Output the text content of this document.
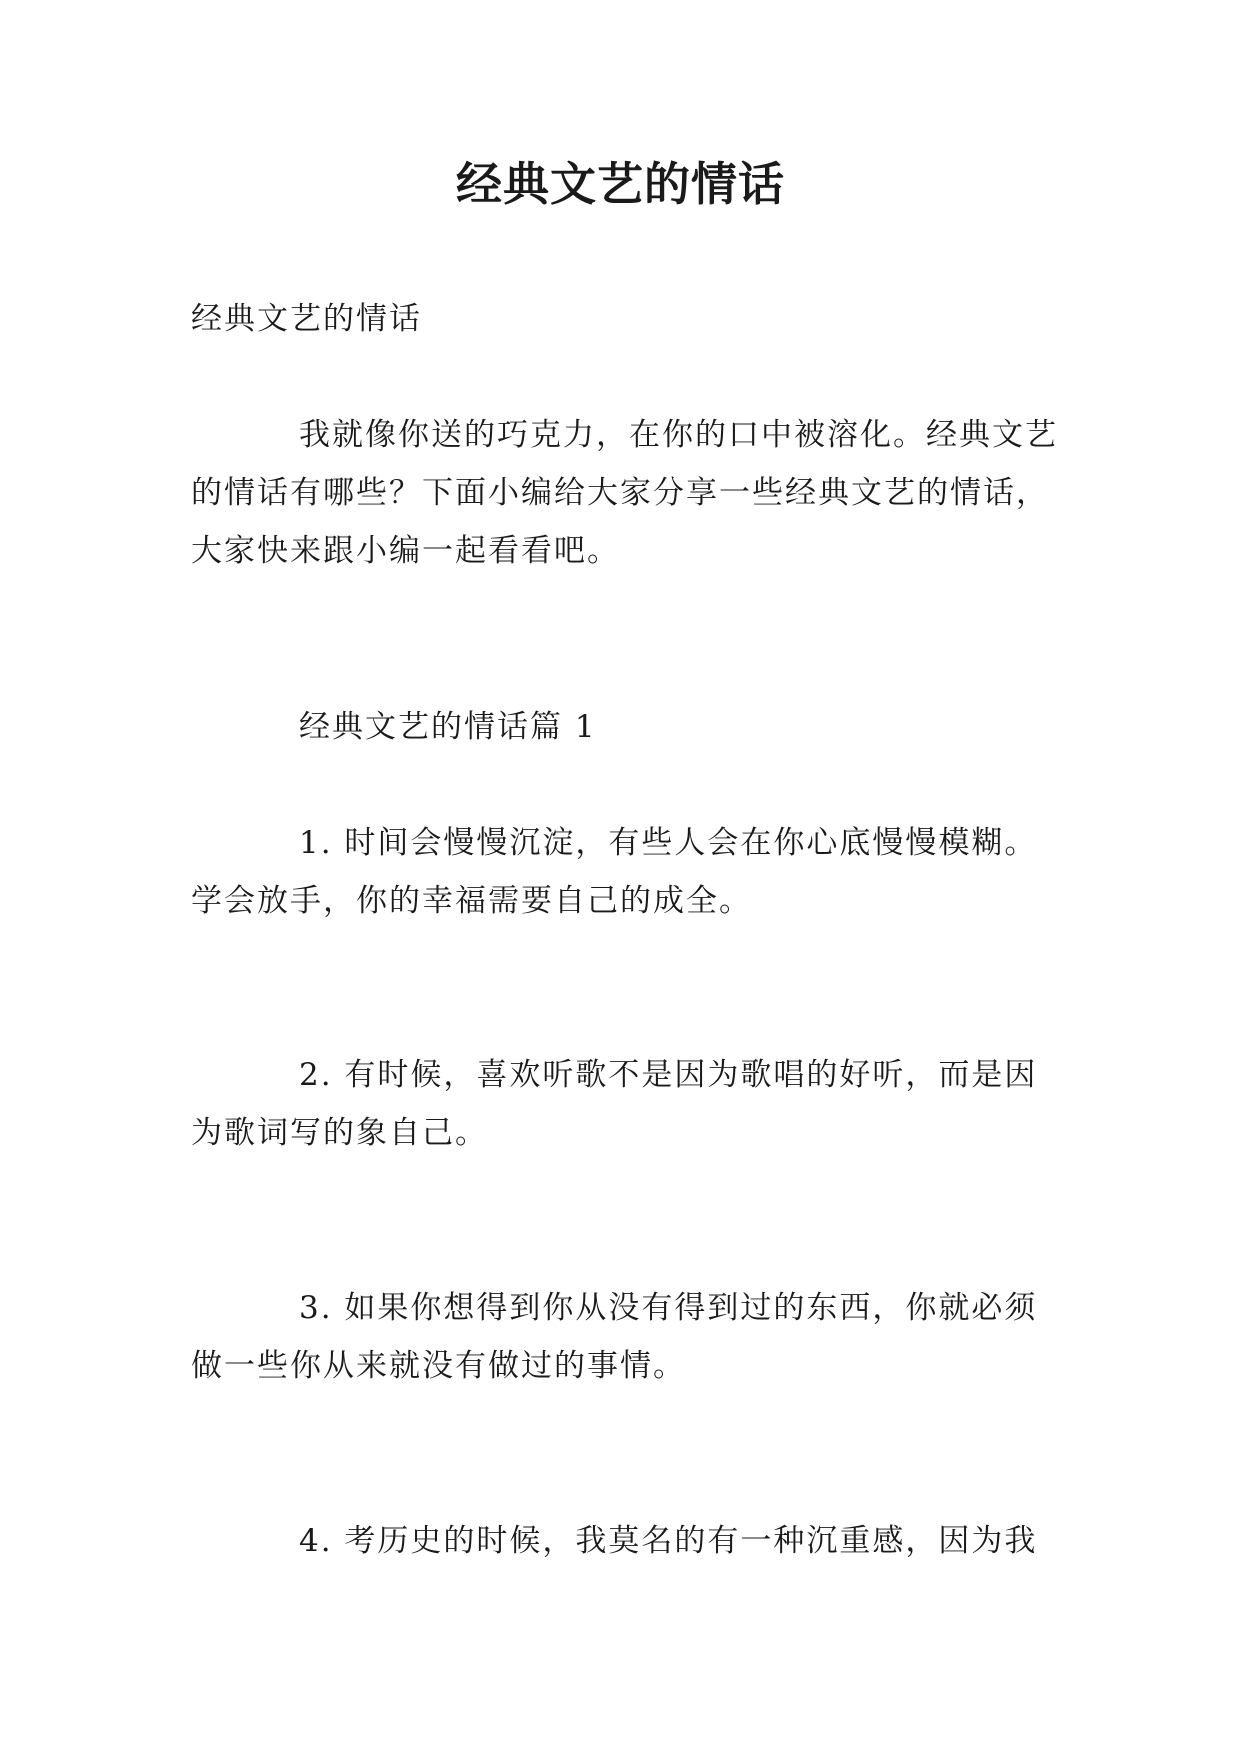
经典文艺的情话

经典文艺的情话

我就像你送的巧克力，在你的口中被溶化。经典文艺的情话有哪些？下面小编给大家分享一些经典文艺的情话，大家快来跟小编一起看看吧。

经典文艺的情话篇 1

1. 时间会慢慢沉淀，有些人会在你心底慢慢模糊。学会放手，你的幸福需要自己的成全。

2. 有时候，喜欢听歌不是因为歌唱的好听，而是因为歌词写的象自己。

3. 如果你想得到你从没有得到过的东西，你就必须做一些你从来就没有做过的事情。

4. 考历史的时候，我莫名的有一种沉重感，因为我
